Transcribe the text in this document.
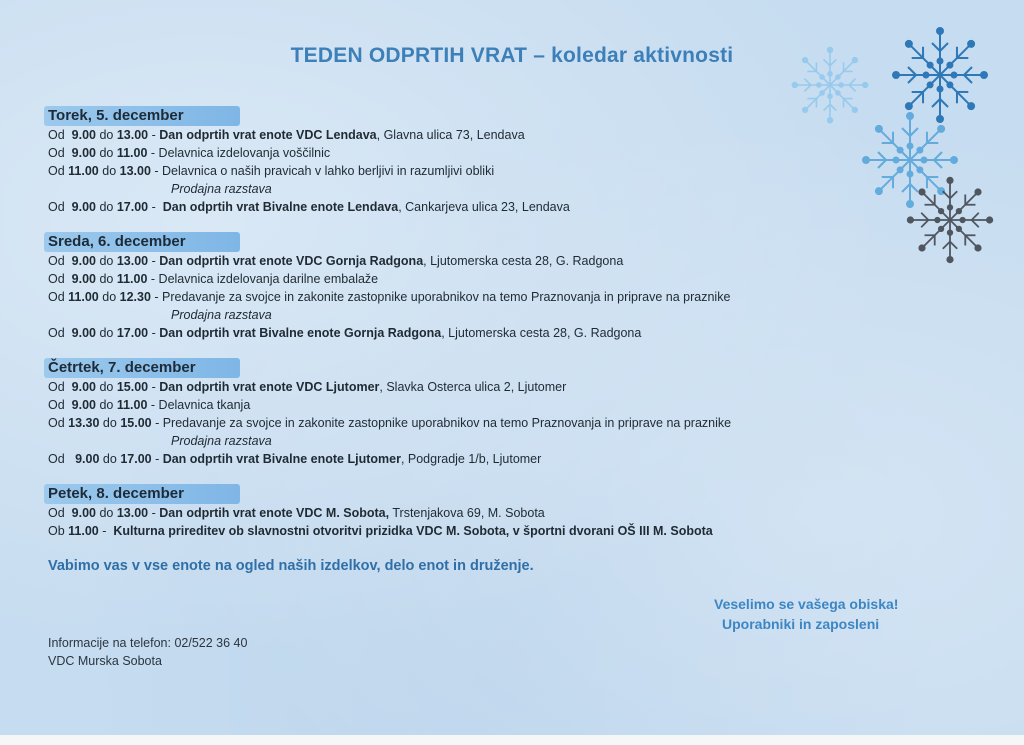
TEDEN ODPRTIH VRAT – koledar aktivnosti
Torek, 5. december
Od 9.00 do 13.00 - Dan odprtih vrat enote VDC Lendava, Glavna ulica 73, Lendava
Od 9.00 do 11.00 - Delavnica izdelovanja voščilnic
Od 11.00 do 13.00 - Delavnica o naših pravicah v lahko berljivi in razumljivi obliki
Prodajna razstava
Od 9.00 do 17.00 -  Dan odprtih vrat Bivalne enote Lendava, Cankarjeva ulica 23, Lendava
Sreda, 6. december
Od 9.00 do 13.00 - Dan odprtih vrat enote VDC Gornja Radgona, Ljutomerska cesta 28, G. Radgona
Od 9.00 do 11.00 - Delavnica izdelovanja darilne embalaže
Od 11.00 do 12.30 - Predavanje za svojce in zakonite zastopnike uporabnikov na temo Praznovanja in priprave na praznike
Prodajna razstava
Od 9.00 do 17.00 - Dan odprtih vrat Bivalne enote Gornja Radgona, Ljutomerska cesta 28, G. Radgona
Četrtek, 7. december
Od 9.00 do 15.00 - Dan odprtih vrat enote VDC Ljutomer, Slavka Osterca ulica 2, Ljutomer
Od 9.00 do 11.00 - Delavnica tkanja
Od 13.30 do 15.00 - Predavanje za svojce in zakonite zastopnike uporabnikov na temo Praznovanja in priprave na praznike
Prodajna razstava
Od 9.00 do 17.00 - Dan odprtih vrat Bivalne enote Ljutomer, Podgradje 1/b, Ljutomer
Petek, 8. december
Od 9.00 do 13.00 - Dan odprtih vrat enote VDC M. Sobota, Trstenjakova 69, M. Sobota
Ob 11.00 -  Kulturna prireditev ob slavnostni otvoritvi prizidka VDC M. Sobota, v športni dvorani OŠ III M. Sobota
Vabimo vas v vse enote na ogled naših izdelkov, delo enot in druženje.
Veselimo se vašega obiska!
Uporabniki in zaposleni
Informacije na telefon: 02/522 36 40
VDC Murska Sobota
